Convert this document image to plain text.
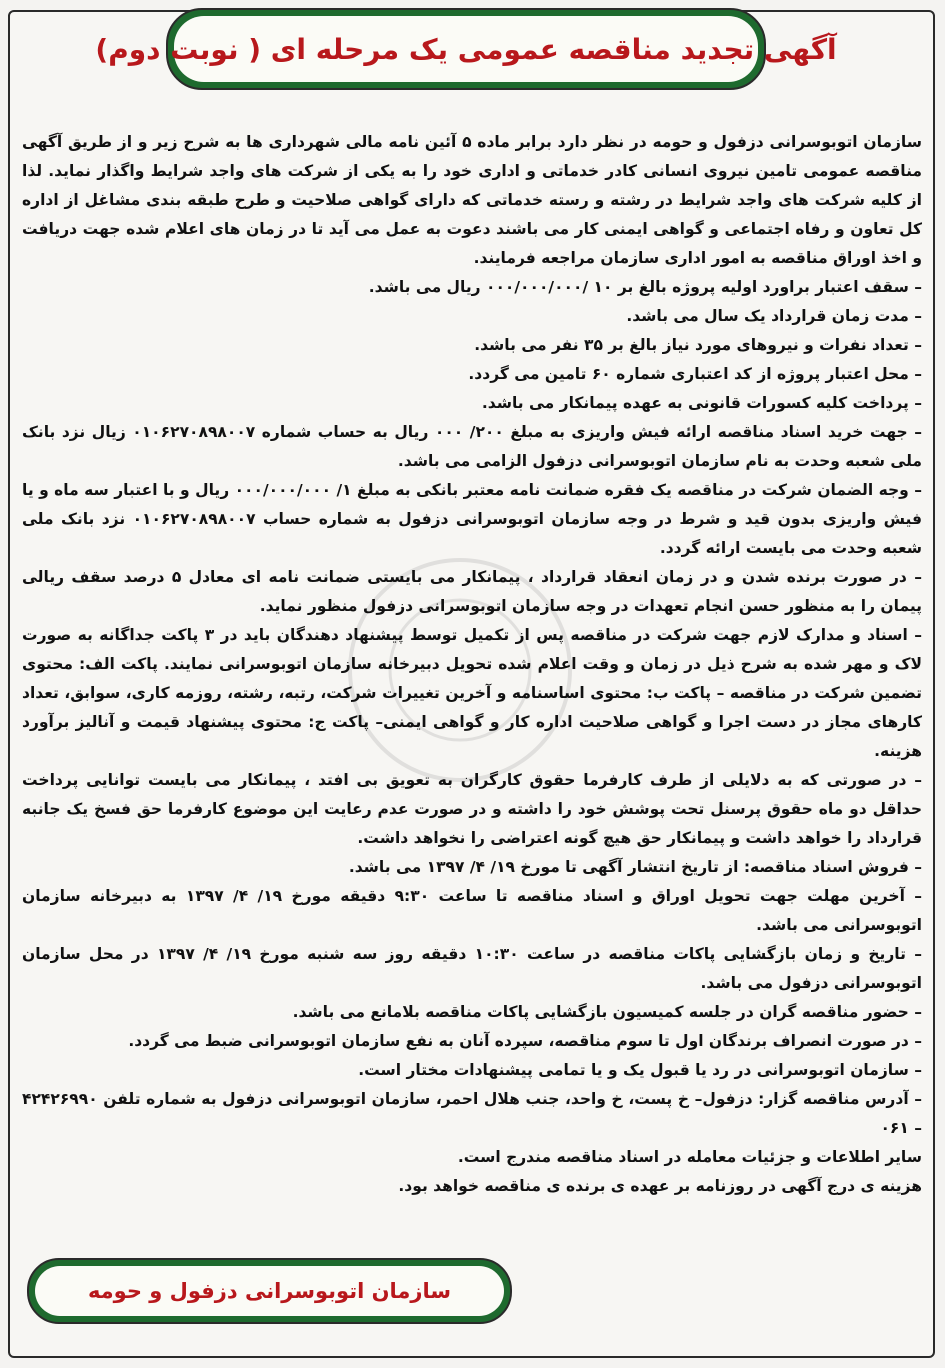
آگهی تجدید مناقصه عمومی یک مرحله ای ( نوبت دوم)

سازمان اتوبوسرانی دزفول و حومه در نظر دارد برابر ماده ۵ آئین نامه مالی شهرداری ها به شرح زیر و از طریق آگهی مناقصه عمومی تامین نیروی انسانی کادر خدماتی و اداری خود را به یکی از شرکت های واجد شرایط واگذار نماید. لذا از کلیه شرکت های واجد شرایط در رشته و رسته خدماتی که دارای گواهی صلاحیت و طرح طبقه بندی مشاغل از اداره کل تعاون و رفاه اجتماعی و گواهی ایمنی کار می باشند دعوت به عمل می آید تا در زمان های اعلام شده جهت دریافت و اخذ اوراق مناقصه به امور اداری سازمان مراجعه فرمایند.

– سقف اعتبار براورد اولیه پروژه بالغ بر ۱۰ /۰۰۰/۰۰۰/۰۰۰ ریال می باشد.

– مدت زمان قرارداد یک سال می باشد.

– تعداد نفرات و نیروهای مورد نیاز بالغ بر ۳۵ نفر می باشد.

– محل اعتبار پروژه از کد اعتباری شماره ۶۰ تامین می گردد.

– پرداخت کلیه کسورات قانونی به عهده پیمانکار می باشد.

– جهت خرید اسناد مناقصه ارائه فیش واریزی به مبلغ ۲۰۰/ ۰۰۰ ریال به حساب شماره ۰۱۰۶۲۷۰۸۹۸۰۰۷ زیال نزد بانک ملی شعبه وحدت به نام سازمان اتوبوسرانی دزفول الزامی می باشد.

– وجه الضمان شرکت در مناقصه یک فقره ضمانت نامه معتبر بانکی به مبلغ ۱/ ۰۰۰/۰۰۰/۰۰۰ ریال و با اعتبار سه ماه و یا فیش واریزی بدون قید و شرط در وجه سازمان اتوبوسرانی دزفول به شماره حساب ۰۱۰۶۲۷۰۸۹۸۰۰۷ نزد بانک ملی شعبه وحدت می بایست ارائه گردد.

– در صورت برنده شدن و در زمان انعقاد قرارداد ، پیمانکار می بایستی ضمانت نامه ای معادل ۵ درصد سقف ریالی پیمان را به منظور حسن انجام تعهدات در وجه سازمان اتوبوسرانی دزفول منظور نماید.

– اسناد و مدارک لازم جهت شرکت در مناقصه پس از تکمیل توسط پیشنهاد دهندگان باید در ۳ پاکت جداگانه به صورت لاک و مهر شده به شرح ذیل در زمان و وقت اعلام شده تحویل دبیرخانه سازمان اتوبوسرانی نمایند. پاکت الف: محتوی تضمین شرکت در مناقصه – پاکت ب: محتوی اساسنامه و آخرین تغییرات شرکت، رتبه، رشته، روزمه کاری، سوابق، تعداد کارهای مجاز در دست اجرا و گواهی صلاحیت اداره کار و گواهی ایمنی– پاکت ج: محتوی پیشنهاد قیمت و آنالیز برآورد هزینه.

– در صورتی که به دلایلی از طرف کارفرما حقوق کارگران به تعویق بی افتد ، پیمانکار می بایست توانایی پرداخت حداقل دو ماه حقوق پرسنل تحت پوشش خود را داشته و در صورت عدم رعایت این موضوع کارفرما حق فسخ یک جانبه قرارداد را خواهد داشت و پیمانکار حق هیچ گونه اعتراضی را نخواهد داشت.

– فروش اسناد مناقصه: از تاریخ انتشار آگهی تا مورخ ۱۹/ ۴/ ۱۳۹۷ می باشد.

– آخرین مهلت جهت تحویل اوراق و اسناد مناقصه تا ساعت ۹:۳۰ دقیقه مورخ ۱۹/ ۴/ ۱۳۹۷ به دبیرخانه سازمان اتوبوسرانی می باشد.

– تاریخ و زمان بازگشایی پاکات مناقصه در ساعت ۱۰:۳۰ دقیقه روز سه شنبه مورخ ۱۹/ ۴/ ۱۳۹۷ در محل سازمان اتوبوسرانی دزفول می باشد.

– حضور مناقصه گران در جلسه کمیسیون بازگشایی پاکات مناقصه بلامانع می باشد.

– در صورت انصراف برندگان اول تا سوم مناقصه، سپرده آنان به نفع سازمان اتوبوسرانی ضبط می گردد.

– سازمان اتوبوسرانی در رد یا قبول یک و یا تمامی پیشنهادات مختار است.

– آدرس مناقصه گزار: دزفول– خ پست، خ واحد، جنب هلال احمر، سازمان اتوبوسرانی دزفول به شماره تلفن ۴۲۴۲۶۹۹۰ – ۰۶۱

سایر اطلاعات و جزئیات معامله در اسناد مناقصه مندرج است.

هزینه ی درج آگهی در روزنامه بر عهده ی برنده ی مناقصه خواهد بود.

سازمان اتوبوسرانی دزفول و حومه
